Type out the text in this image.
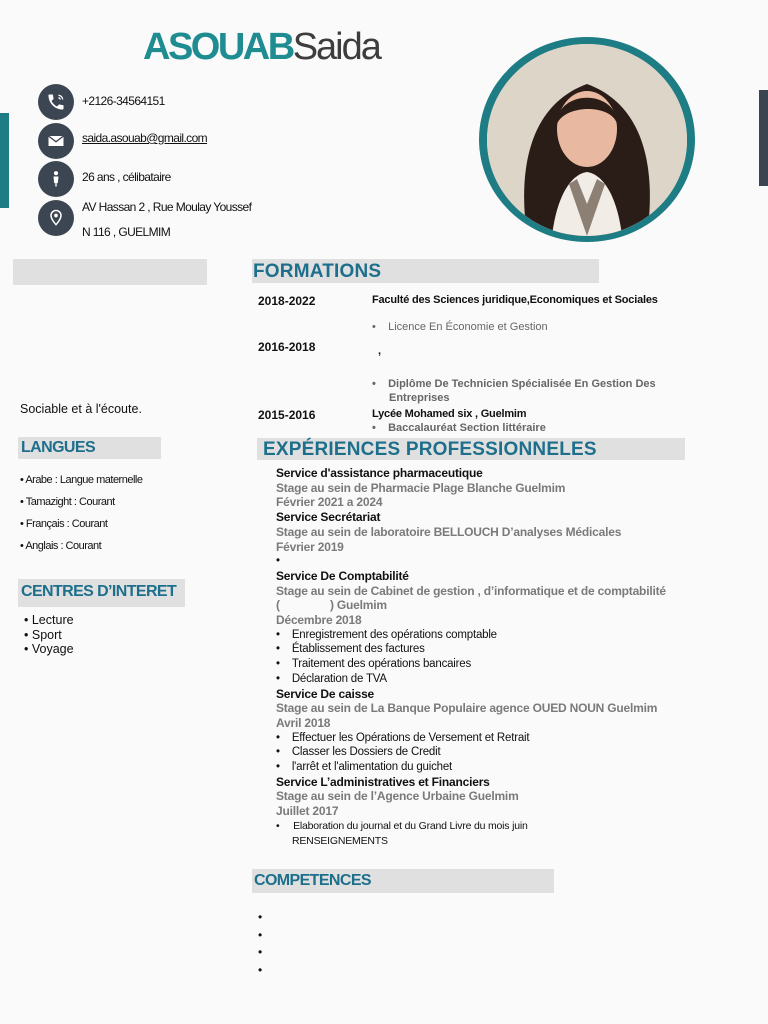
ASOUABSaida
+2126-34564151
saida.asouab@gmail.com
26 ans , célibataire
AV Hassan 2 , Rue Moulay Youssef
N 116 , GUELMIM
Sociable et à l'écoute.
LANGUES
• Arabe : Langue maternelle
• Tamazight : Courant
• Français : Courant
• Anglais : Courant
CENTRES D’INTERET
• Lecture
• Sport
• Voyage
FORMATIONS
2018-2022	Faculté des Sciences juridique,Economiques et Sociales
•    Licence En Économie et Gestion
2016-2018	,
•    Diplôme De Technicien Spécialisée En Gestion Des
Entreprises
2015-2016	Lycée Mohamed six , Guelmim
•    Baccalauréat Section littéraire
EXPÉRIENCES PROFESSIONNELES
Service d'assistance pharmaceutique
Stage au sein de Pharmacie Plage Blanche Guelmim
Février 2021 a 2024
Service Secrétariat
Stage au sein de laboratoire BELLOUCH D’analyses Médicales
Février 2019
•
Service De Comptabilité
Stage au sein de Cabinet de gestion , d’informatique et de comptabilité
(                ) Guelmim
Décembre 2018
•    Enregistrement des opérations comptable
•    Établissement des factures
•    Traitement des opérations bancaires
•    Déclaration de TVA
Service De caisse
Stage au sein de La Banque Populaire agence OUED NOUN Guelmim
Avril 2018
•    Effectuer les Opérations de Versement et Retrait
•    Classer les Dossiers de Credit
•    l'arrêt et l'alimentation du guichet
Service L’administratives et Financiers
Stage au sein de l’Agence Urbaine Guelmim
Juillet 2017
•     Elaboration du journal et du Grand Livre du mois juin
RENSEIGNEMENTS
COMPETENCES
•
•
•
•
